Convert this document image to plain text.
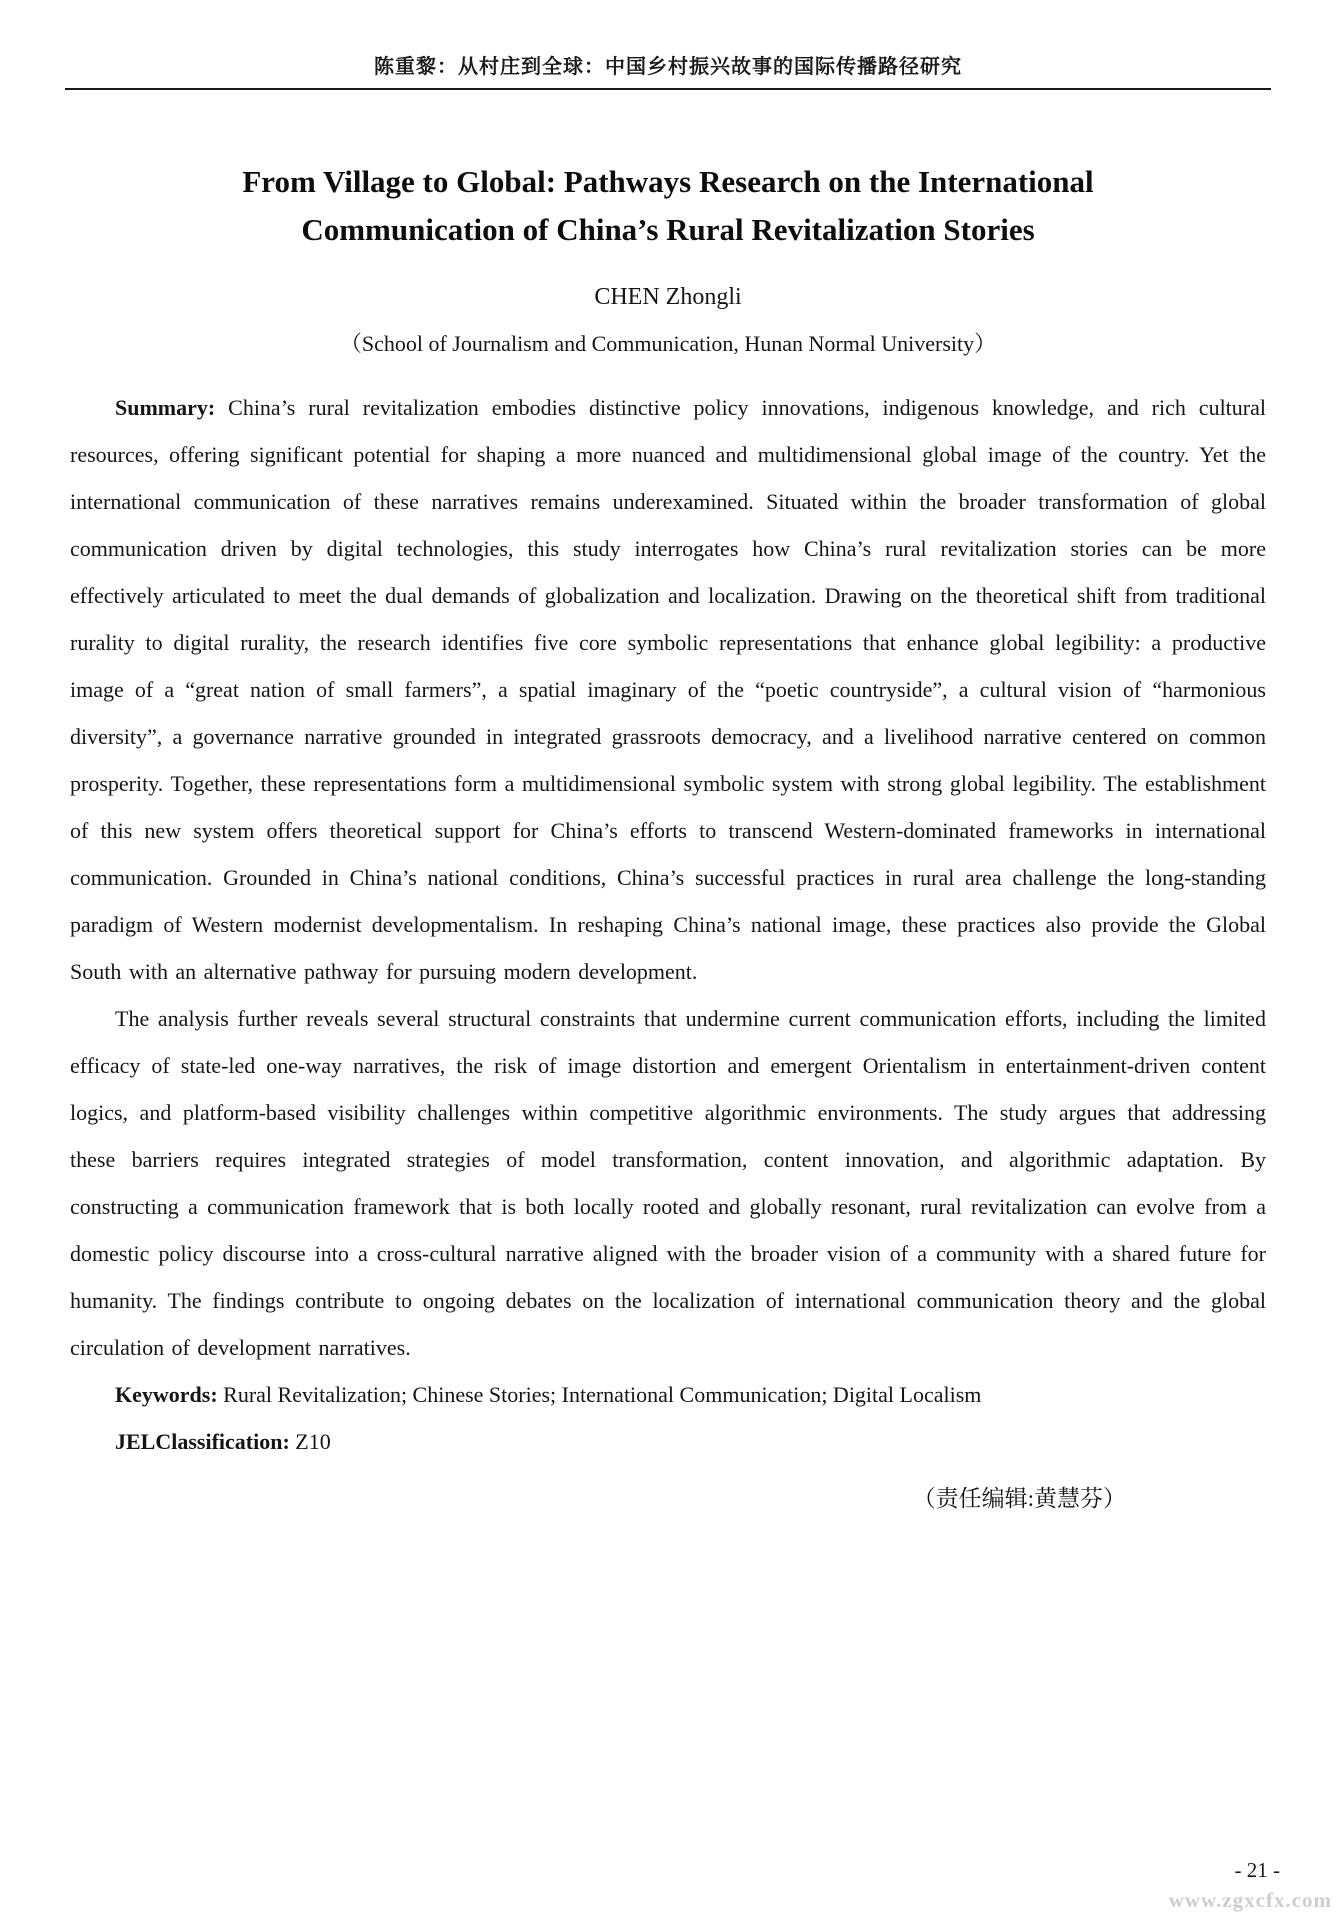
陈重黎：从村庄到全球：中国乡村振兴故事的国际传播路径研究
From Village to Global: Pathways Research on the International
Communication of China’s Rural Revitalization Stories
CHEN Zhongli
（School of Journalism and Communication, Hunan Normal University）

Summary: China’s rural revitalization embodies distinctive policy innovations, indigenous knowledge, and rich cultural resources, offering significant potential for shaping a more nuanced and multidimensional global image of the country. Yet the international communication of these narratives remains underexamined. Situated within the broader transformation of global communication driven by digital technologies, this study interrogates how China’s rural revitalization stories can be more effectively articulated to meet the dual demands of globalization and localization. Drawing on the theoretical shift from traditional rurality to digital rurality, the research identifies five core symbolic representations that enhance global legibility: a productive image of a “great nation of small farmers”, a spatial imaginary of the “poetic countryside”, a cultural vision of “harmonious diversity”, a governance narrative grounded in integrated grassroots democracy, and a livelihood narrative centered on common prosperity. Together, these representations form a multidimensional symbolic system with strong global legibility. The establishment of this new system offers theoretical support for China’s efforts to transcend Western-dominated frameworks in international communication. Grounded in China’s national conditions, China’s successful practices in rural area challenge the long-standing paradigm of Western modernist developmentalism. In reshaping China’s national image, these practices also provide the Global South with an alternative pathway for pursuing modern development.

The analysis further reveals several structural constraints that undermine current communication efforts, including the limited efficacy of state-led one-way narratives, the risk of image distortion and emergent Orientalism in entertainment-driven content logics, and platform-based visibility challenges within competitive algorithmic environments. The study argues that addressing these barriers requires integrated strategies of model transformation, content innovation, and algorithmic adaptation. By constructing a communication framework that is both locally rooted and globally resonant, rural revitalization can evolve from a domestic policy discourse into a cross-cultural narrative aligned with the broader vision of a community with a shared future for humanity. The findings contribute to ongoing debates on the localization of international communication theory and the global circulation of development narratives.

Keywords: Rural Revitalization; Chinese Stories; International Communication; Digital Localism

JELClassification: Z10

（责任编辑:黄慧芬）
- 21 -
www.zgxcfx.com
